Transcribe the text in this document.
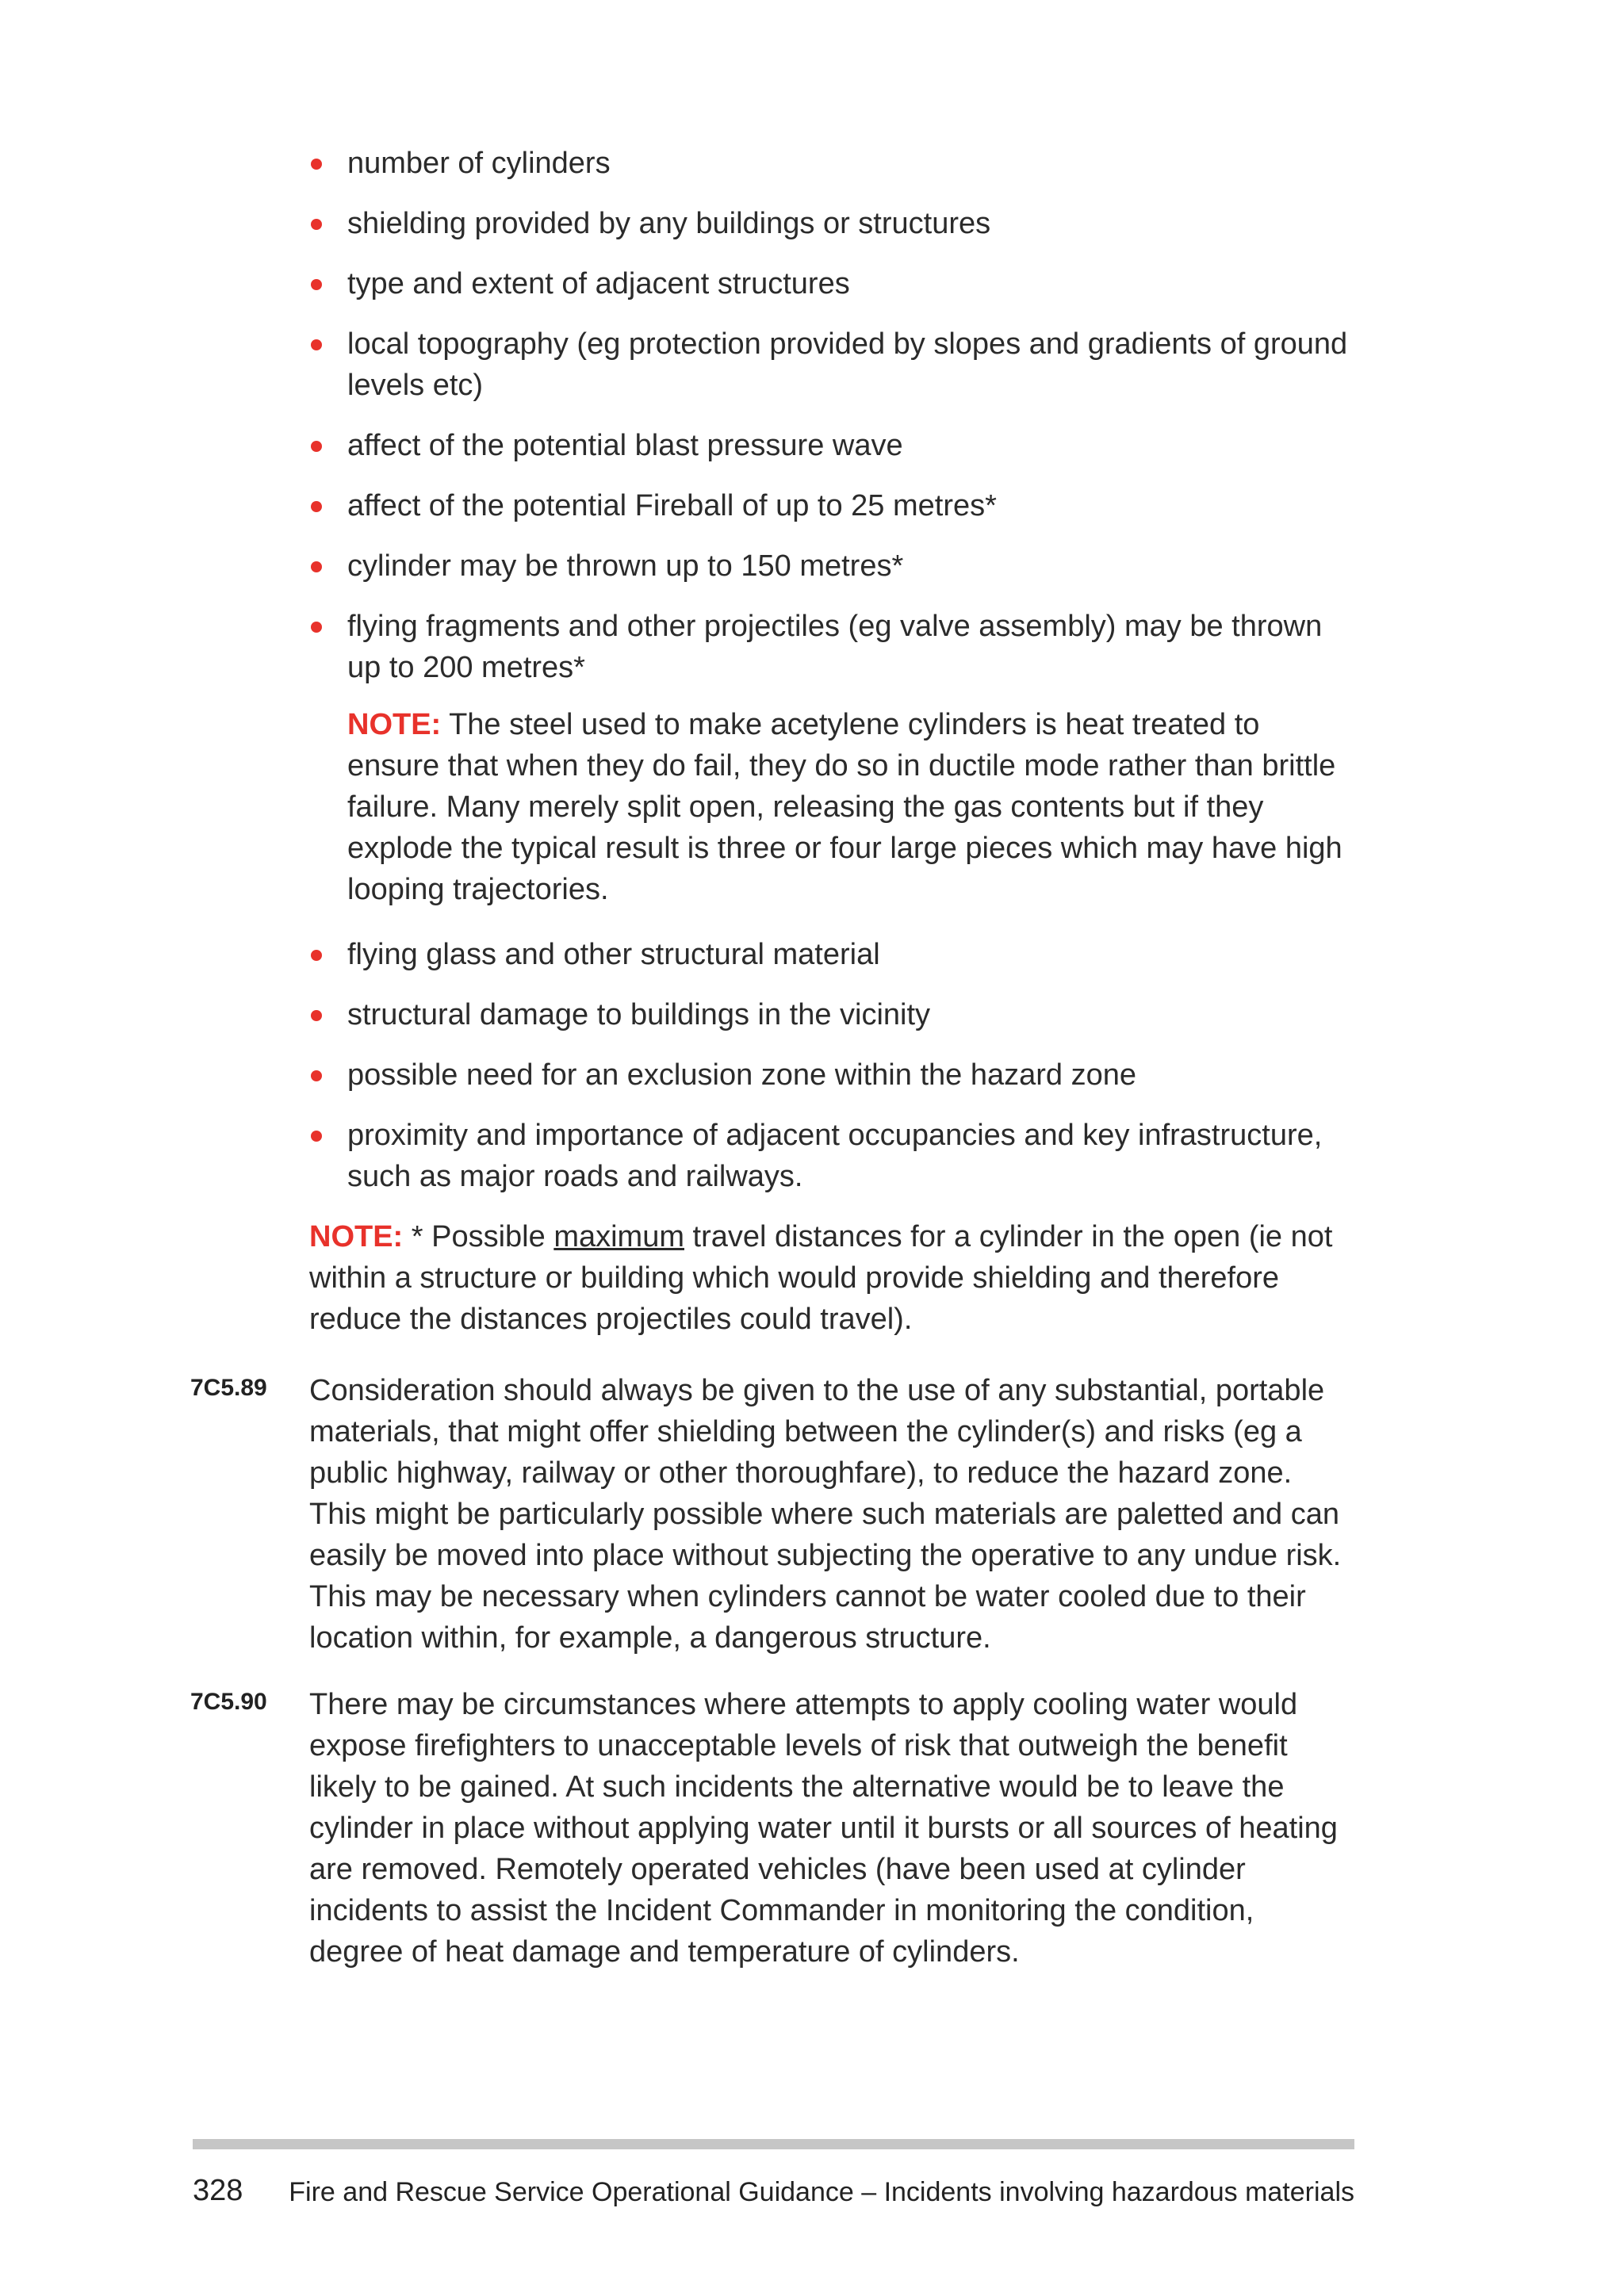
number of cylinders
shielding provided by any buildings or structures
type and extent of adjacent structures
local topography (eg protection provided by slopes and gradients of ground levels etc)
affect of the potential blast pressure wave
affect of the potential Fireball of up to 25 metres*
cylinder may be thrown up to 150 metres*
flying fragments and other projectiles (eg valve assembly) may be thrown up to 200 metres*
NOTE: The steel used to make acetylene cylinders is heat treated to ensure that when they do fail, they do so in ductile mode rather than brittle failure. Many merely split open, releasing the gas contents but if they explode the typical result is three or four large pieces which may have high looping trajectories.
flying glass and other structural material
structural damage to buildings in the vicinity
possible need for an exclusion zone within the hazard zone
proximity and importance of adjacent occupancies and key infrastructure, such as major roads and railways.
NOTE: * Possible maximum travel distances for a cylinder in the open (ie not within a structure or building which would provide shielding and therefore reduce the distances projectiles could travel).
7C5.89	Consideration should always be given to the use of any substantial, portable materials, that might offer shielding between the cylinder(s) and risks (eg a public highway, railway or other thoroughfare), to reduce the hazard zone. This might be particularly possible where such materials are paletted and can easily be moved into place without subjecting the operative to any undue risk. This may be necessary when cylinders cannot be water cooled due to their location within, for example, a dangerous structure.
7C5.90	There may be circumstances where attempts to apply cooling water would expose firefighters to unacceptable levels of risk that outweigh the benefit likely to be gained. At such incidents the alternative would be to leave the cylinder in place without applying water until it bursts or all sources of heating are removed. Remotely operated vehicles (have been used at cylinder incidents to assist the Incident Commander in monitoring the condition, degree of heat damage and temperature of cylinders.
328 Fire and Rescue Service Operational Guidance – Incidents involving hazardous materials
